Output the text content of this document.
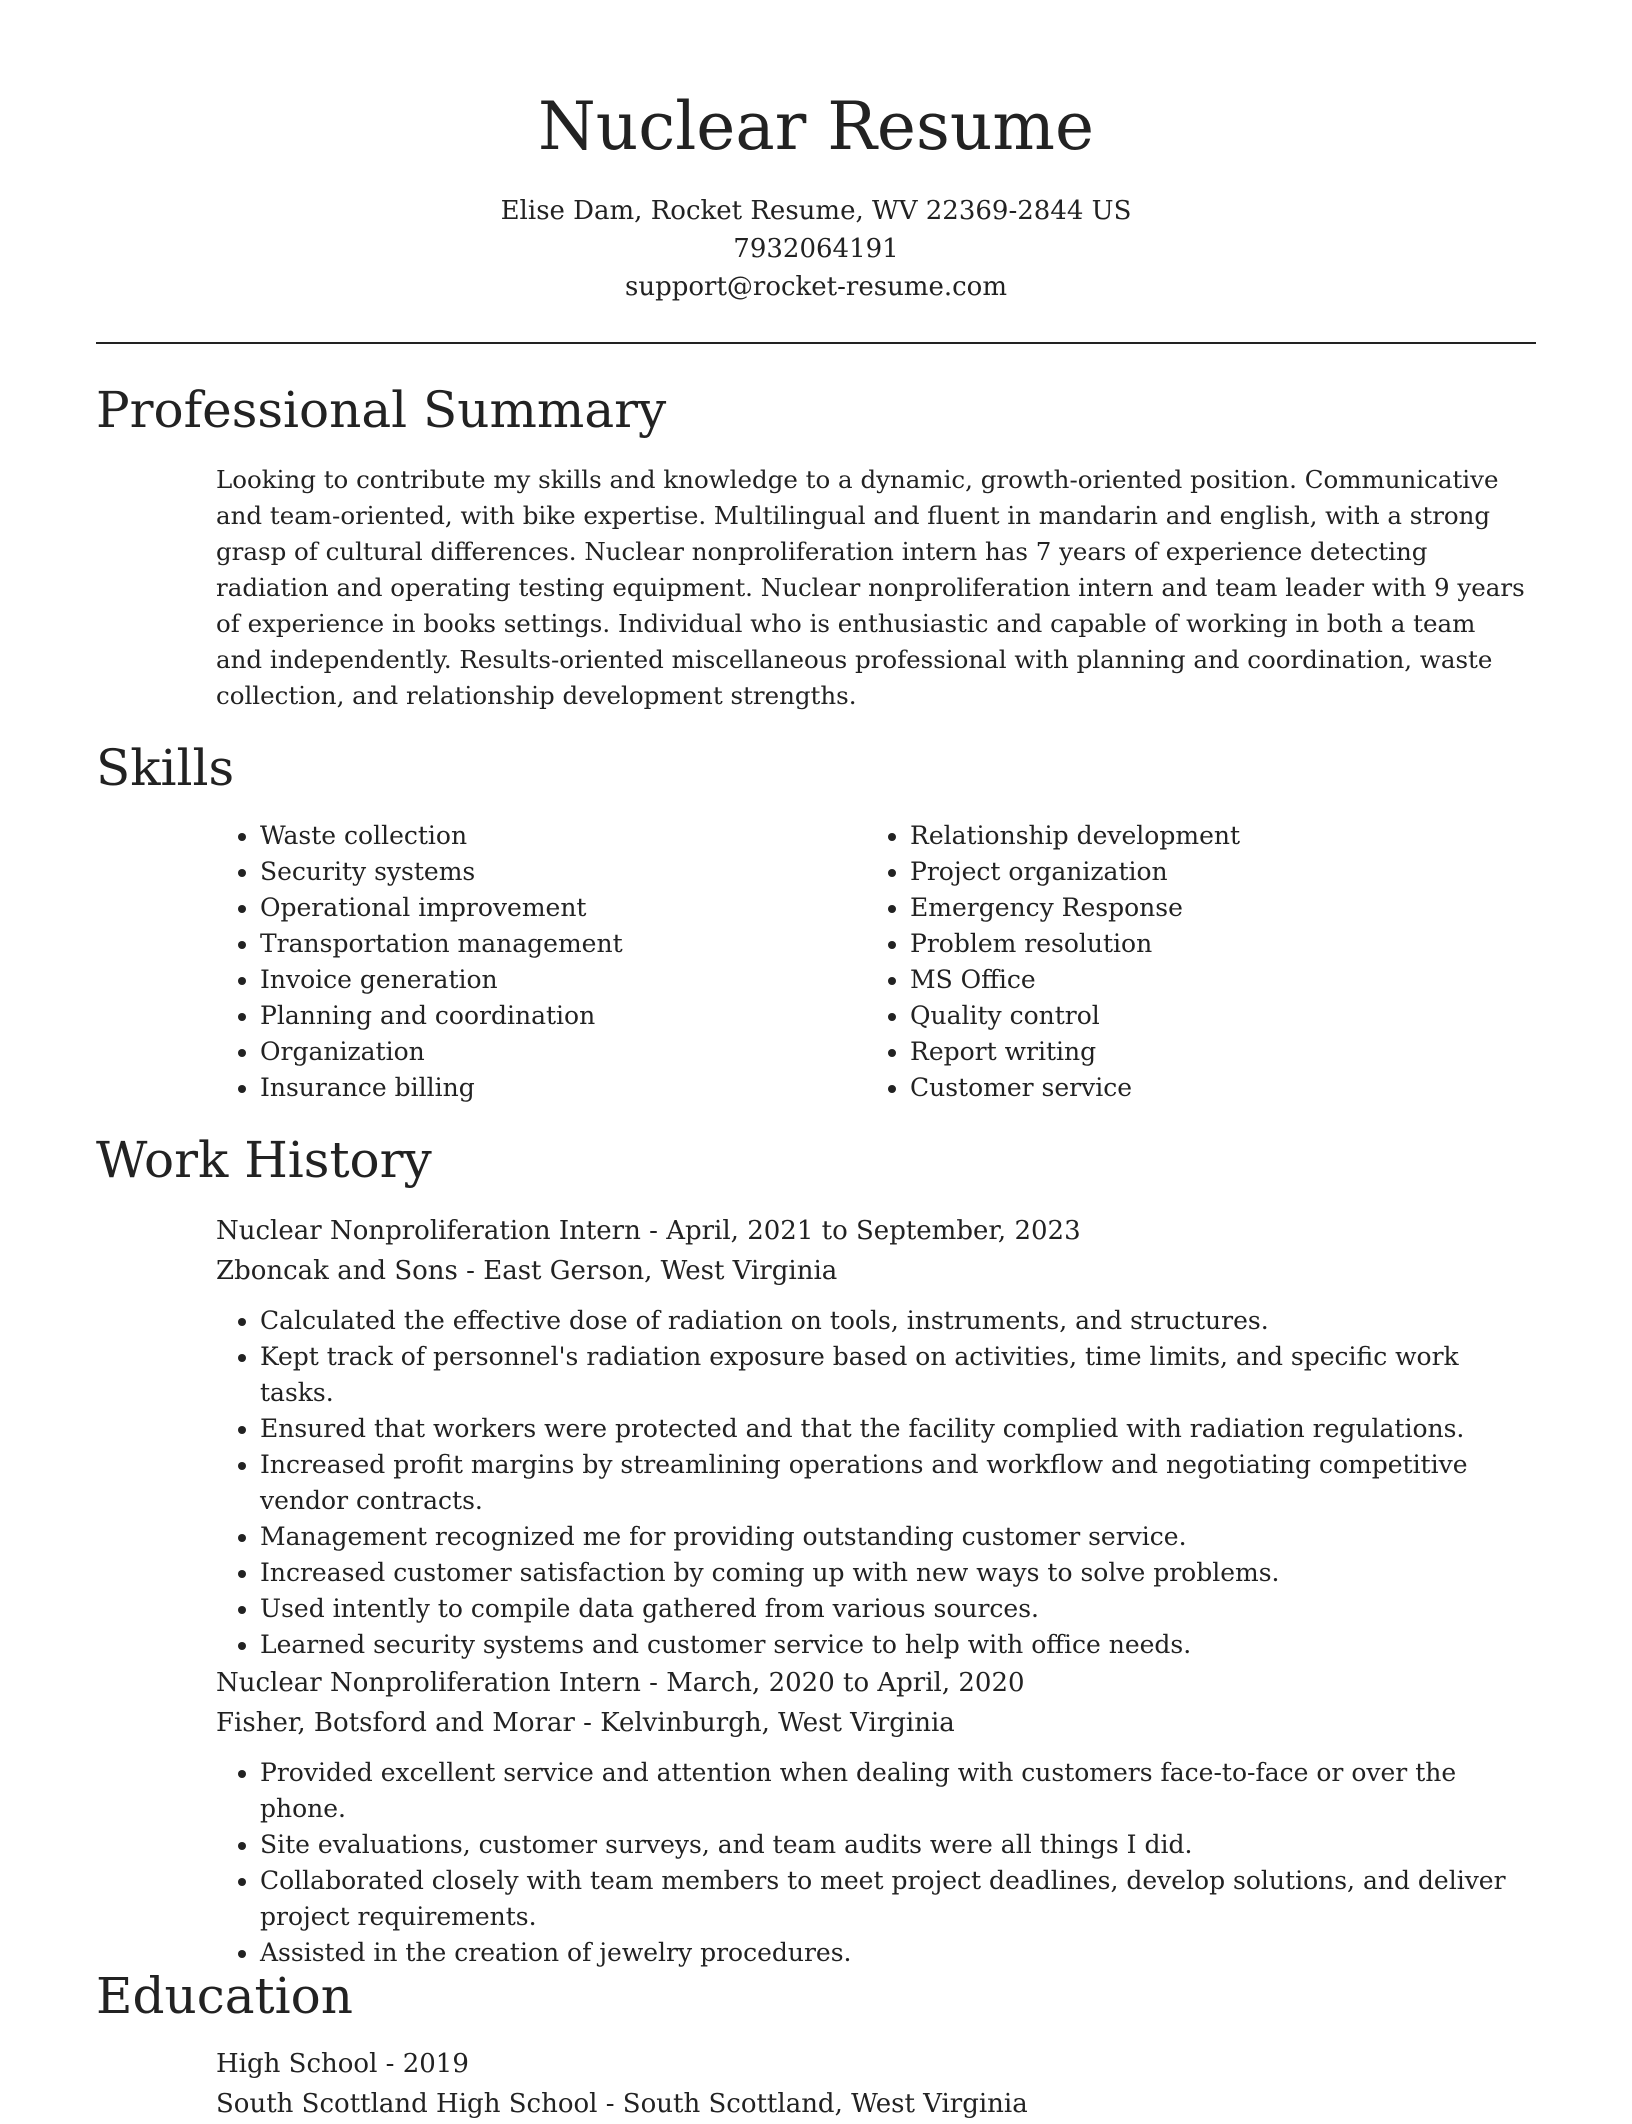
Nuclear Resume

Elise Dam, Rocket Resume, WV 22369-2844 US

7932064191

support@rocket-resume.com

Professional Summary

Looking to contribute my skills and knowledge to a dynamic, growth-oriented position. Communicative and team-oriented, with bike expertise. Multilingual and fluent in mandarin and english, with a strong grasp of cultural differences. Nuclear nonproliferation intern has 7 years of experience detecting radiation and operating testing equipment. Nuclear nonproliferation intern and team leader with 9 years of experience in books settings. Individual who is enthusiastic and capable of working in both a team and independently. Results-oriented miscellaneous professional with planning and coordination, waste collection, and relationship development strengths.

Skills
• Waste collection
• Security systems
• Operational improvement
• Transportation management
• Invoice generation
• Planning and coordination
• Organization
• Insurance billing
• Relationship development
• Project organization
• Emergency Response
• Problem resolution
• MS Office
• Quality control
• Report writing
• Customer service
Work History

Nuclear Nonproliferation Intern - April, 2021 to September, 2023

Zboncak and Sons - East Gerson, West Virginia

• Calculated the effective dose of radiation on tools, instruments, and structures.
• Kept track of personnel's radiation exposure based on activities, time limits, and specific work tasks.
• Ensured that workers were protected and that the facility complied with radiation regulations.
• Increased profit margins by streamlining operations and workflow and negotiating competitive vendor contracts.
• Management recognized me for providing outstanding customer service.
• Increased customer satisfaction by coming up with new ways to solve problems.
• Used intently to compile data gathered from various sources.
• Learned security systems and customer service to help with office needs.

Nuclear Nonproliferation Intern - March, 2020 to April, 2020

Fisher, Botsford and Morar - Kelvinburgh, West Virginia

• Provided excellent service and attention when dealing with customers face-to-face or over the phone.
• Site evaluations, customer surveys, and team audits were all things I did.
• Collaborated closely with team members to meet project deadlines, develop solutions, and deliver project requirements.
• Assisted in the creation of jewelry procedures.
Education

High School - 2019

South Scottland High School - South Scottland, West Virginia
